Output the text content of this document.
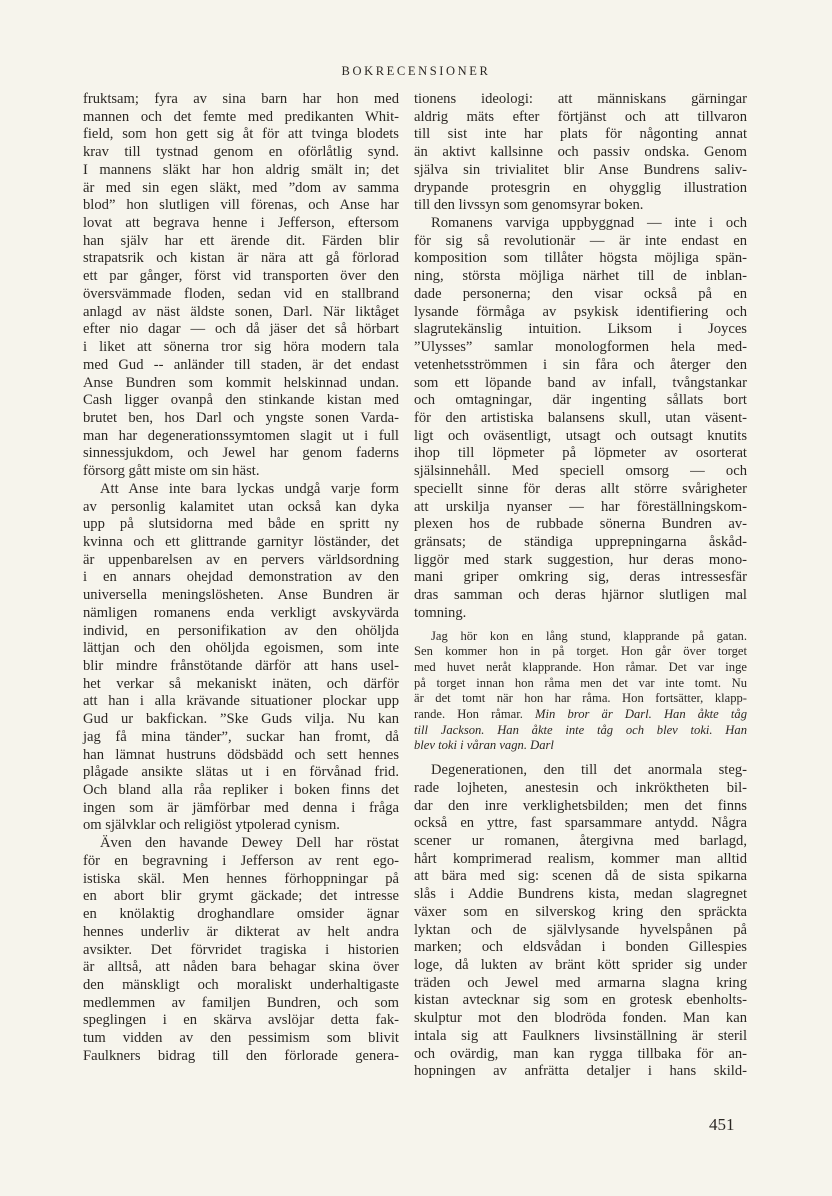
BOKRECENSIONER
fruktsam; fyra av sina barn har hon med
mannen och det femte med predikanten Whit-
field, som hon gett sig åt för att tvinga blodets
krav till tystnad genom en oförlåtlig synd.
I mannens släkt har hon aldrig smält in; det
är med sin egen släkt, med ”dom av samma
blod” hon slutligen vill förenas, och Anse har
lovat att begrava henne i Jefferson, eftersom
han själv har ett ärende dit. Färden blir
strapatsrik och kistan är nära att gå förlorad
ett par gånger, först vid transporten över den
översvämmade floden, sedan vid en stallbrand
anlagd av näst äldste sonen, Darl. När liktåget
efter nio dagar — och då jäser det så hörbart
i liket att sönerna tror sig höra modern tala
med Gud -- anländer till staden, är det endast
Anse Bundren som kommit helskinnad undan.
Cash ligger ovanpå den stinkande kistan med
brutet ben, hos Darl och yngste sonen Varda-
man har degenerationssymtomen slagit ut i full
sinnessjukdom, och Jewel har genom faderns
försorg gått miste om sin häst.
Att Anse inte bara lyckas undgå varje form
av personlig kalamitet utan också kan dyka
upp på slutsidorna med både en spritt ny
kvinna och ett glittrande garnityr löständer, det
är uppenbarelsen av en pervers världsordning
i en annars ohejdad demonstration av den
universella meningslösheten. Anse Bundren är
nämligen romanens enda verkligt avskyvärda
individ, en personifikation av den ohöljda
lättjan och den ohöljda egoismen, som inte
blir mindre frånstötande därför att hans usel-
het verkar så mekaniskt inäten, och därför
att han i alla krävande situationer plockar upp
Gud ur bakfickan. ”Ske Guds vilja. Nu kan
jag få mina tänder”, suckar han fromt, då
han lämnat hustruns dödsbädd och sett hennes
plågade ansikte slätas ut i en förvånad frid.
Och bland alla råa repliker i boken finns det
ingen som är jämförbar med denna i fråga
om självklar och religiöst ytpolerad cynism.
Även den havande Dewey Dell har röstat
för en begravning i Jefferson av rent ego-
istiska skäl. Men hennes förhoppningar på
en abort blir grymt gäckade; det intresse
en knölaktig droghandlare omsider ägnar
hennes underliv är dikterat av helt andra
avsikter. Det förvridet tragiska i historien
är alltså, att nåden bara behagar skina över
den mänskligt och moraliskt underhaltigaste
medlemmen av familjen Bundren, och som
speglingen i en skärva avslöjar detta fak-
tum vidden av den pessimism som blivit
Faulkners bidrag till den förlorade genera-
tionens ideologi: att människans gärningar
aldrig mäts efter förtjänst och att tillvaron
till sist inte har plats för någonting annat
än aktivt kallsinne och passiv ondska. Genom
själva sin trivialitet blir Anse Bundrens saliv-
drypande protesgrin en ohygglig illustration
till den livssyn som genomsyrar boken.
Romanens varviga uppbyggnad — inte i och
för sig så revolutionär — är inte endast en
komposition som tillåter högsta möjliga spän-
ning, största möjliga närhet till de inblan-
dade personerna; den visar också på en
lysande förmåga av psykisk identifiering och
slagrutekänslig intuition. Liksom i Joyces
”Ulysses” samlar monologformen hela med-
vetenhetsströmmen i sin fåra och återger den
som ett löpande band av infall, tvångstankar
och omtagningar, där ingenting sållats bort
för den artistiska balansens skull, utan väsent-
ligt och oväsentligt, utsagt och outsagt knutits
ihop till löpmeter på löpmeter av osorterat
själsinnehåll. Med speciell omsorg — och
speciellt sinne för deras allt större svårigheter
att urskilja nyanser — har föreställningskom-
plexen hos de rubbade sönerna Bundren av-
gränsats; de ständiga upprepningarna åskåd-
liggör med stark suggestion, hur deras mono-
mani griper omkring sig, deras intressesfär
dras samman och deras hjärnor slutligen mal
tomning.
Jag hör kon en lång stund, klapprande på gatan.
Sen kommer hon in på torget. Hon går över torget
med huvet neråt klapprande. Hon råmar. Det var inge
på torget innan hon råma men det var inte tomt. Nu
är det tomt när hon har råma. Hon fortsätter, klapp-
rande. Hon råmar. Min bror är Darl. Han åkte tåg
till Jackson. Han åkte inte tåg och blev toki. Han
blev toki i våran vagn. Darl
Degenerationen, den till det anormala steg-
rade lojheten, anestesin och inkröktheten bil-
dar den inre verklighetsbilden; men det finns
också en yttre, fast sparsammare antydd. Några
scener ur romanen, återgivna med barlagd,
hårt komprimerad realism, kommer man alltid
att bära med sig: scenen då de sista spikarna
slås i Addie Bundrens kista, medan slagregnet
växer som en silverskog kring den spräckta
lyktan och de självlysande hyvelspånen på
marken; och eldsvådan i bonden Gillespies
loge, då lukten av bränt kött sprider sig under
träden och Jewel med armarna slagna kring
kistan avtecknar sig som en grotesk ebenholts-
skulptur mot den blodröda fonden. Man kan
intala sig att Faulkners livsinställning är steril
och ovärdig, man kan rygga tillbaka för an-
hopningen av anfrätta detaljer i hans skild-
451
